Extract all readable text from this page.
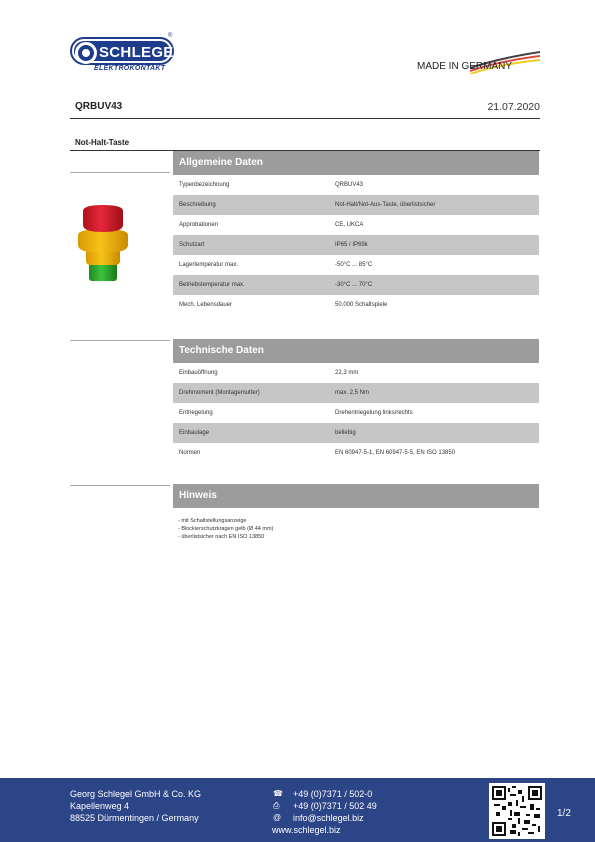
SCHLEGEL
®
ELEKTROKONTAKT	MADE IN GERMANY
QRBUV43	21.07.2020
Not-Halt-Taste
Allgemeine Daten
Typenbezeichnung	QRBUV43
Beschreibung	Not-Halt/Not-Aus-Taste, überlistsicher
Approbationen	CE, UKCA
Schutzart	IP65 / IP69k
Lagertemperatur max.	-50°C ... 85°C
Betriebstemperatur max.	-30°C ... 70°C
Mech. Lebensdauer	50.000 Schaltspiele
Technische Daten
Einbauöffnung	22,3 mm
Drehmoment (Montagemutter)	max. 2,5 Nm
Entriegelung	Drehentriegelung links/rechts
Einbaulage	beliebig
Normen	EN 60947-5-1, EN 60947-5-5, EN ISO 13850
Hinweis
- mit Schaltstellungsanzeige
- Blockierschutzkragen gelb (Ø 44 mm)
- überlistsicher nach EN ISO 13850
Georg Schlegel GmbH & Co. KG
Kapellenweg 4
88525 Dürmentingen / Germany
☎ +49 (0)7371 / 502-0
⎙ +49 (0)7371 / 502 49
@ info@schlegel.biz
www.schlegel.biz
1/2
